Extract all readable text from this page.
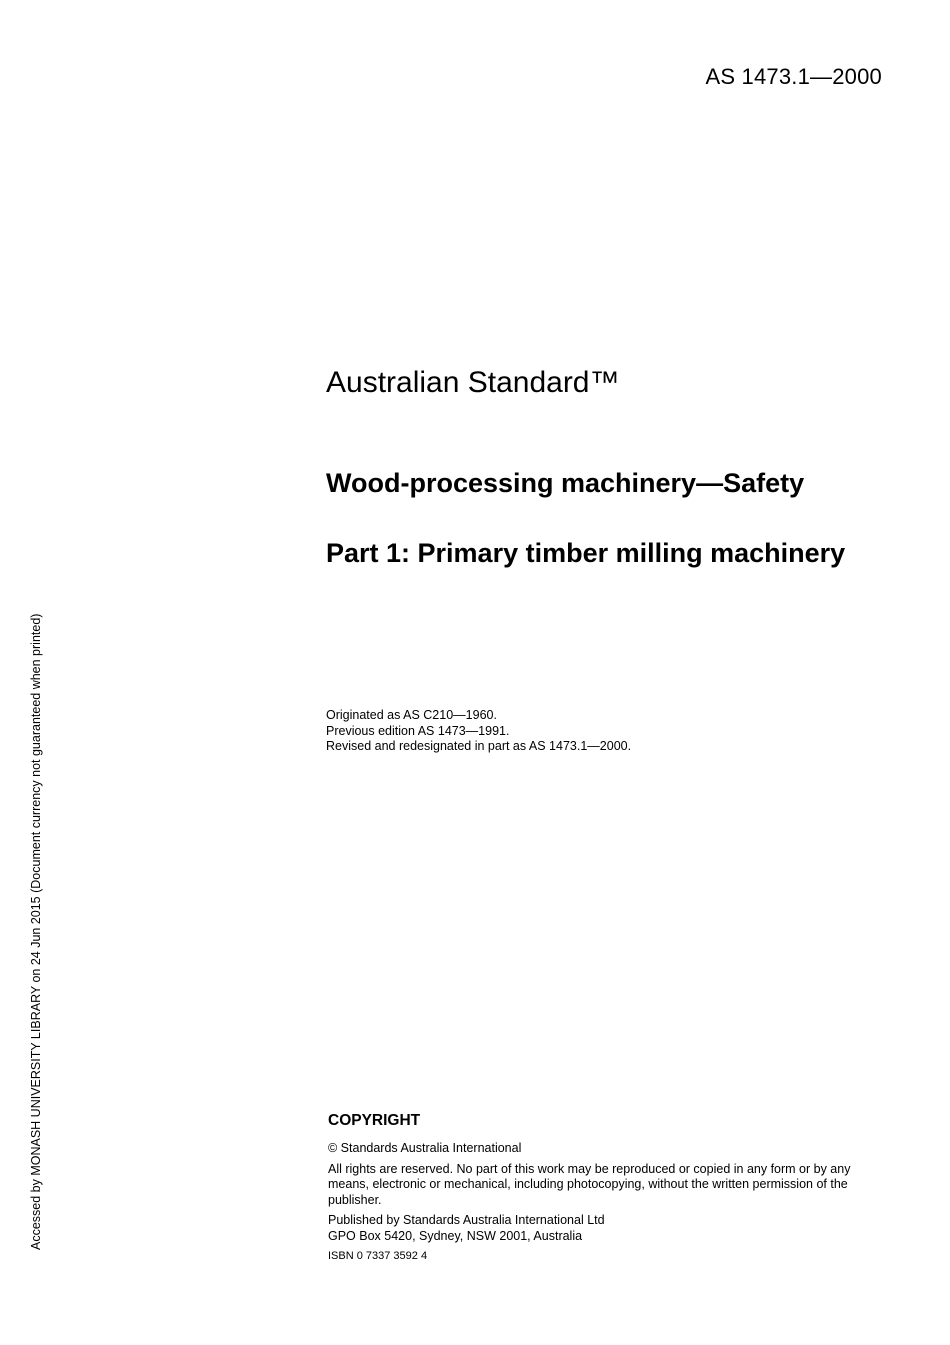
AS 1473.1—2000
Accessed by MONASH UNIVERSITY LIBRARY on 24 Jun 2015 (Document currency not guaranteed when printed)
Australian Standard™
Wood-processing machinery—Safety
Part 1: Primary timber milling machinery
Originated as AS C210—1960.
Previous edition AS 1473—1991.
Revised and redesignated in part as AS 1473.1—2000.
COPYRIGHT

© Standards Australia International

All rights are reserved. No part of this work may be reproduced or copied in any form or by any means, electronic or mechanical, including photocopying, without the written permission of the publisher.

Published by Standards Australia International Ltd
GPO Box 5420, Sydney, NSW 2001, Australia

ISBN 0 7337 3592 4
